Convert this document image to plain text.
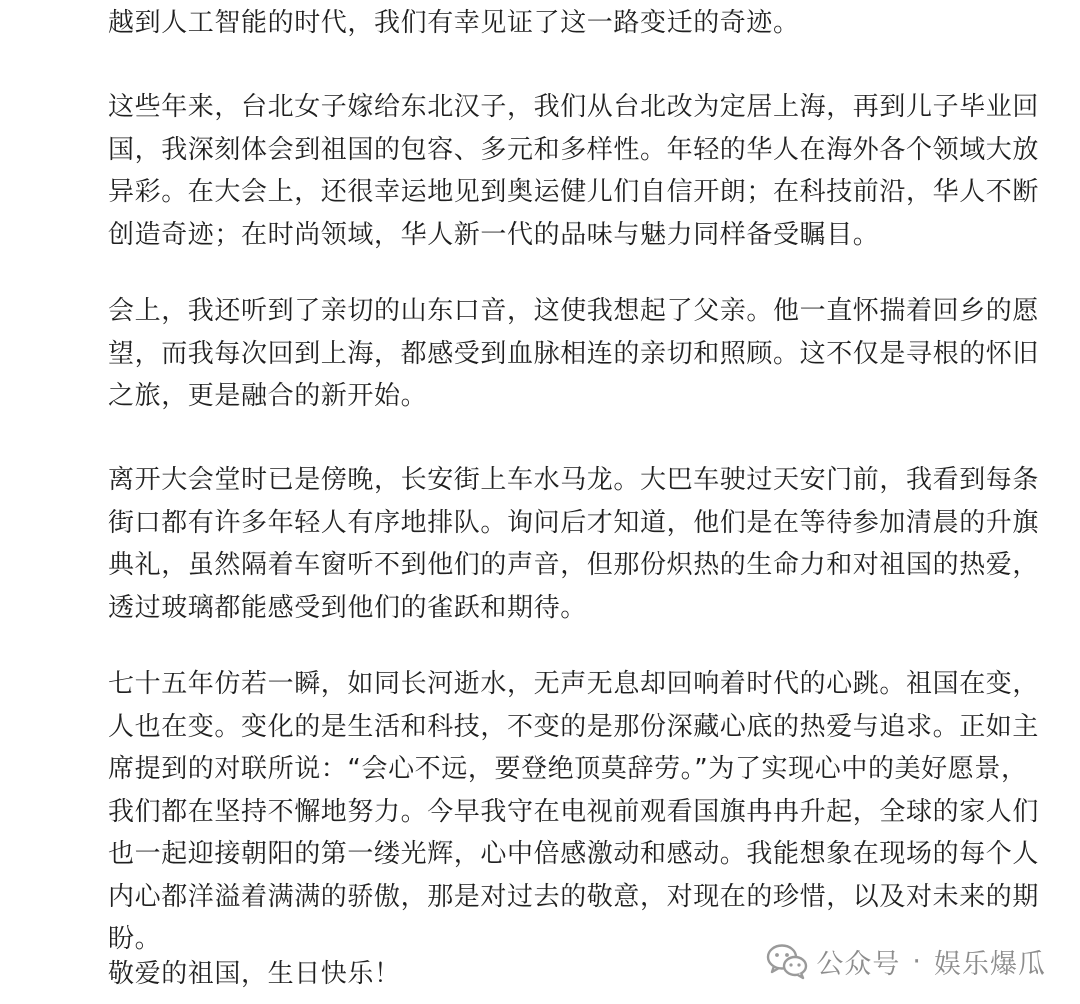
越到人工智能的时代，我们有幸见证了这一路变迁的奇迹。

这些年来，台北女子嫁给东北汉子，我们从台北改为定居上海，再到儿子毕业回国，我深刻体会到祖国的包容、多元和多样性。年轻的华人在海外各个领域大放异彩。在大会上，还很幸运地见到奥运健儿们自信开朗；在科技前沿，华人不断创造奇迹；在时尚领域，华人新一代的品味与魅力同样备受瞩目。

会上，我还听到了亲切的山东口音，这使我想起了父亲。他一直怀揣着回乡的愿望，而我每次回到上海，都感受到血脉相连的亲切和照顾。这不仅是寻根的怀旧之旅，更是融合的新开始。

离开大会堂时已是傍晚，长安街上车水马龙。大巴车驶过天安门前，我看到每条街口都有许多年轻人有序地排队。询问后才知道，他们是在等待参加清晨的升旗典礼，虽然隔着车窗听不到他们的声音，但那份炽热的生命力和对祖国的热爱，透过玻璃都能感受到他们的雀跃和期待。

七十五年仿若一瞬，如同长河逝水，无声无息却回响着时代的心跳。祖国在变，人也在变。变化的是生活和科技，不变的是那份深藏心底的热爱与追求。正如主席提到的对联所说：“会心不远，要登绝顶莫辞劳。”为了实现心中的美好愿景，我们都在坚持不懈地努力。今早我守在电视前观看国旗冉冉升起，全球的家人们也一起迎接朝阳的第一缕光辉，心中倍感激动和感动。我能想象在现场的每个人内心都洋溢着满满的骄傲，那是对过去的敬意，对现在的珍惜，以及对未来的期盼。

敬爱的祖国，生日快乐！	公众号 · 娱乐爆瓜
